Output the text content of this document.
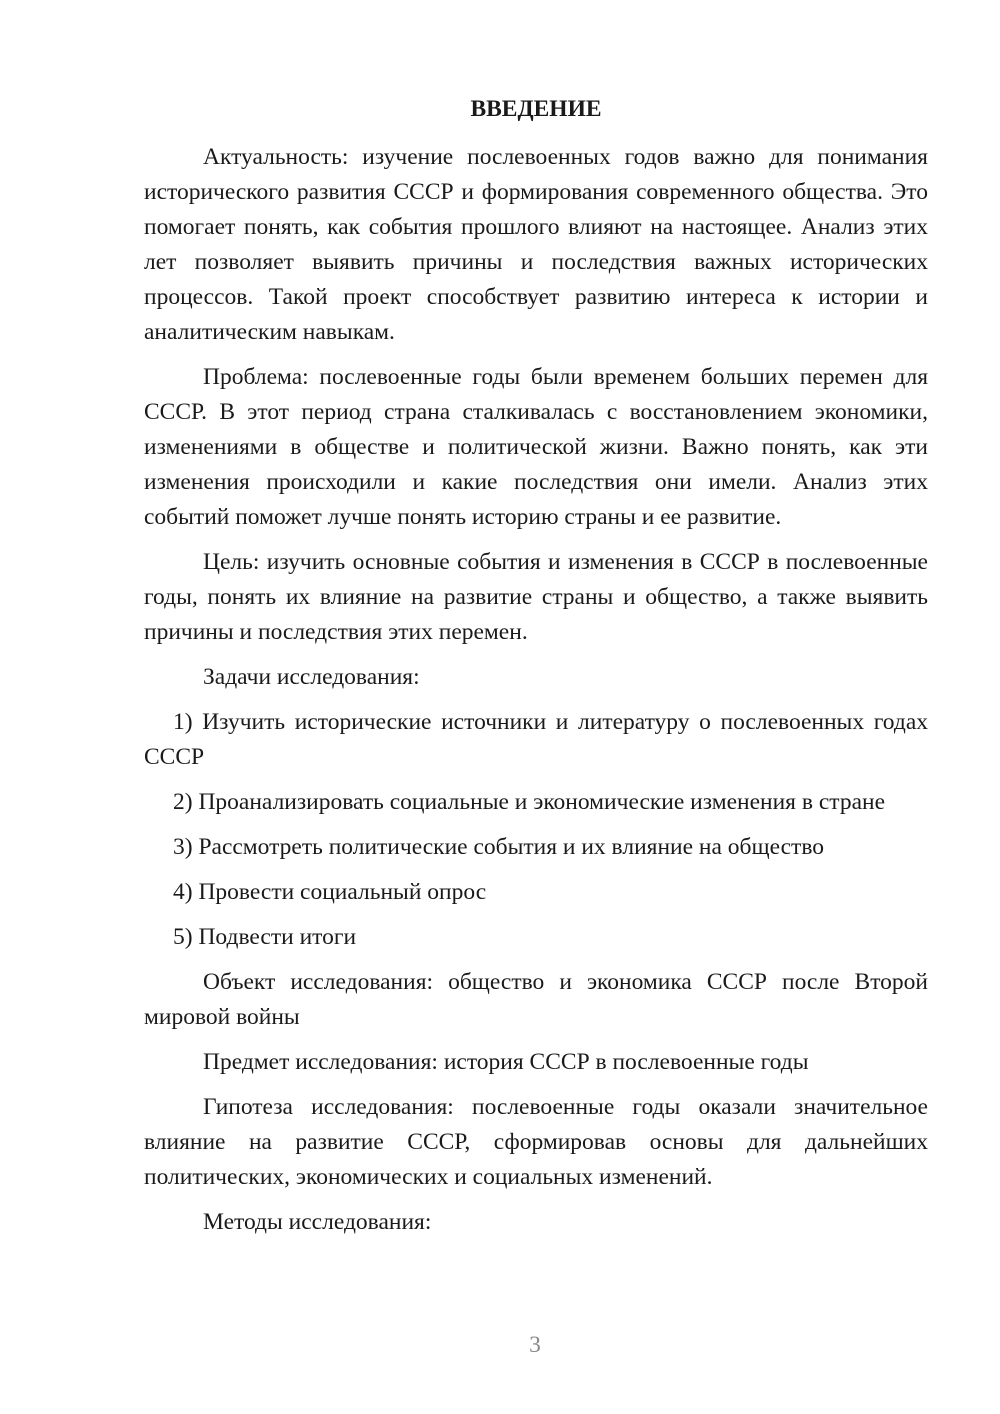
ВВЕДЕНИЕ

Актуальность: изучение послевоенных годов важно для понимания исторического развития СССР и формирования современного общества. Это помогает понять, как события прошлого влияют на настоящее. Анализ этих лет позволяет выявить причины и последствия важных исторических процессов. Такой проект способствует развитию интереса к истории и аналитическим навыкам.

Проблема: послевоенные годы были временем больших перемен для СССР. В этот период страна сталкивалась с восстановлением экономики, изменениями в обществе и политической жизни. Важно понять, как эти изменения происходили и какие последствия они имели. Анализ этих событий поможет лучше понять историю страны и ее развитие.

Цель: изучить основные события и изменения в СССР в послевоенные годы, понять их влияние на развитие страны и общество, а также выявить причины и последствия этих перемен.

Задачи исследования:

1) Изучить исторические источники и литературу о послевоенных годах СССР

2) Проанализировать социальные и экономические изменения в стране

3) Рассмотреть политические события и их влияние на общество

4) Провести социальный опрос

5) Подвести итоги

Объект исследования: общество и экономика СССР после Второй мировой войны

Предмет исследования: история СССР в послевоенные годы

Гипотеза исследования: послевоенные годы оказали значительное влияние на развитие СССР, сформировав основы для дальнейших политических, экономических и социальных изменений.

Методы исследования:

3
